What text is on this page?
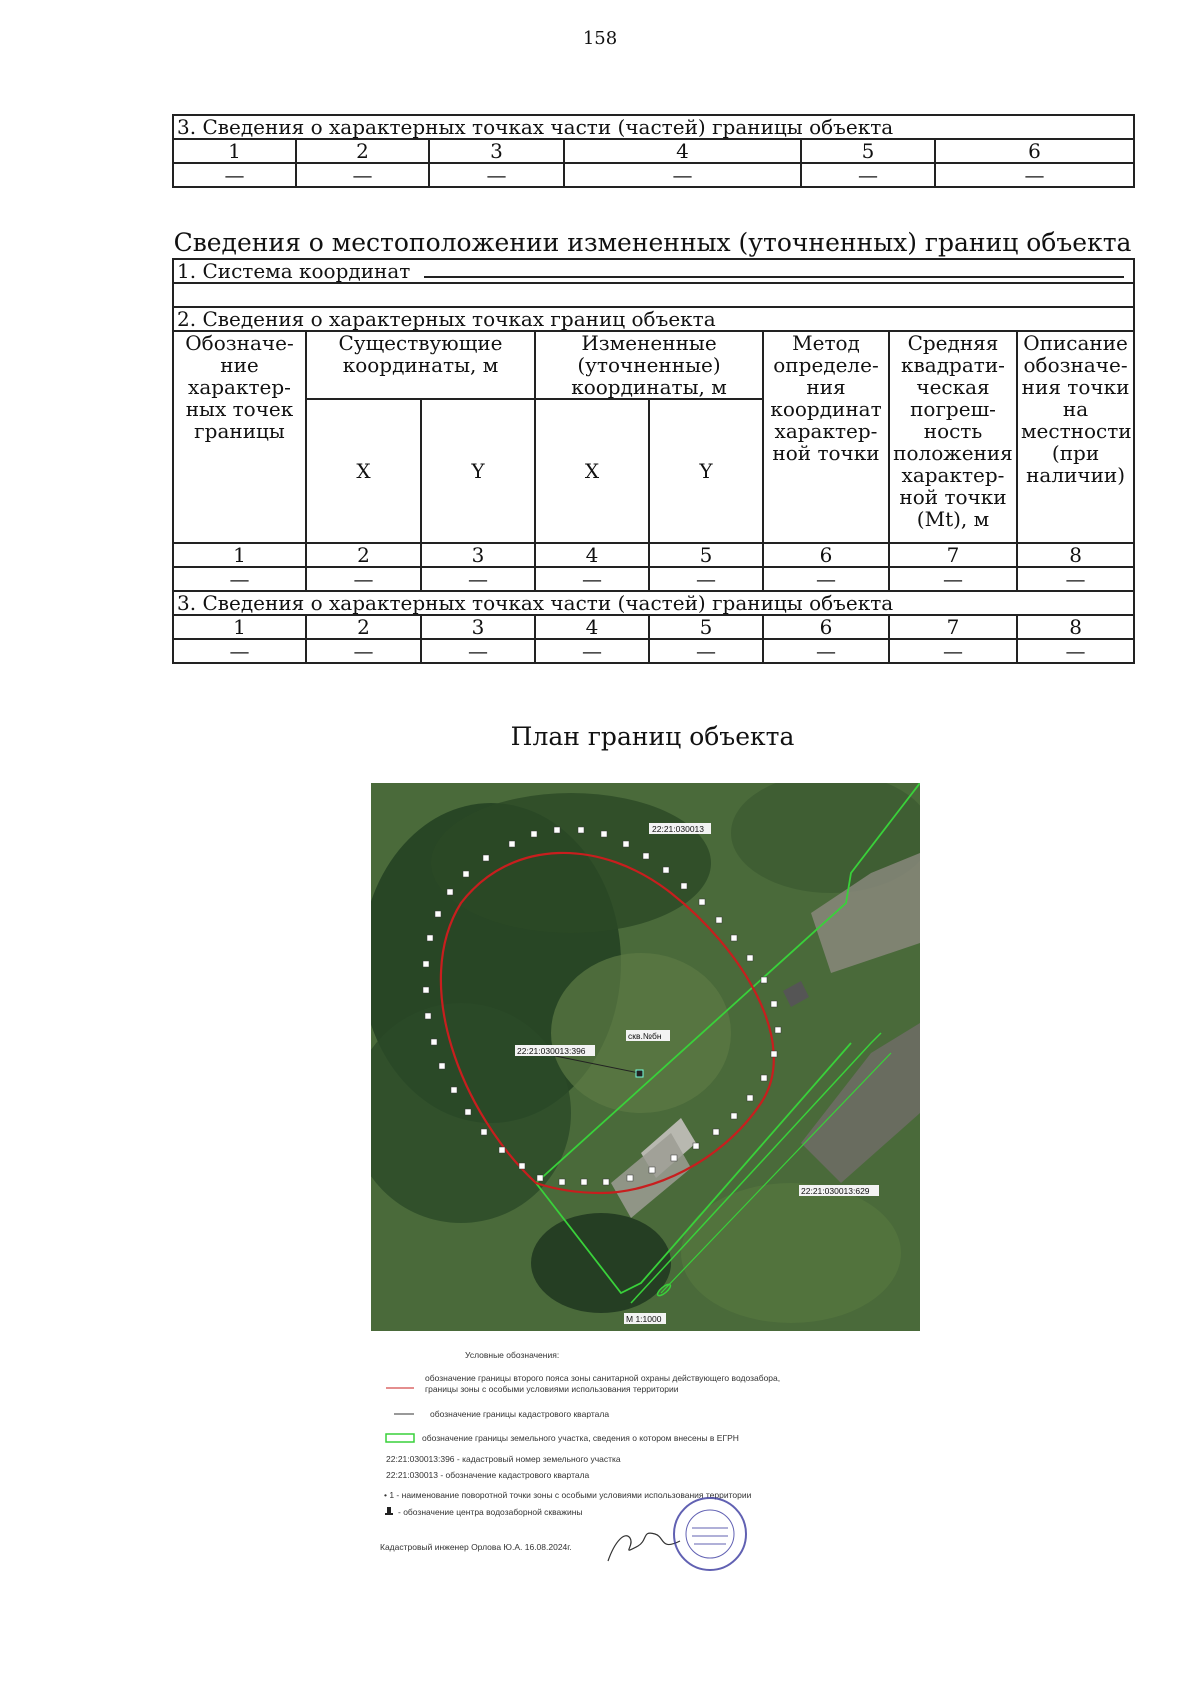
158
3. Сведения о характерных точках части (частей) границы объекта					
1	2	3	4	5	6
—	—	—	—	—	—
Сведения о местоположении измененных (уточненных) границ объекта
1. Система координат							

2. Сведения о характерных точках границ объекта							
Обозначе-ние характер-ных точек границы	Существующие координаты, м		Измененные (уточненные) координаты, м		Метод определе-ния координат характер-ной точки	Средняя квадрати-ческая погреш-ность положения характер-ной точки (Mt), м	Описание обозначе-ния точки на местности (при наличии)
	X	Y	X	Y			
1	2	3	4	5	6	7	8
—	—	—	—	—	—	—	—
3. Сведения о характерных точках части (частей) границы объекта							
1	2	3	4	5	6	7	8
—	—	—	—	—	—	—	—
План границ объекта
22:21:030013
22:21:030013:396
скв.№бн
22:21:030013:629
М 1:1000
Условные обозначения:
обозначение границы второго пояса зоны санитарной охраны действующего водозабора, границы зоны с особыми условиями использования территории
обозначение границы кадастрового квартала
обозначение границы земельного участка, сведения о котором внесены в ЕГРН
22:21:030013:396 - кадастровый номер земельного участка
22:21:030013 - обозначение кадастрового квартала
• 1 - наименование поворотной точки зоны с особыми условиями использования территории
- обозначение центра водозаборной скважины
Кадастровый инженер Орлова Ю.А. 16.08.2024г.
